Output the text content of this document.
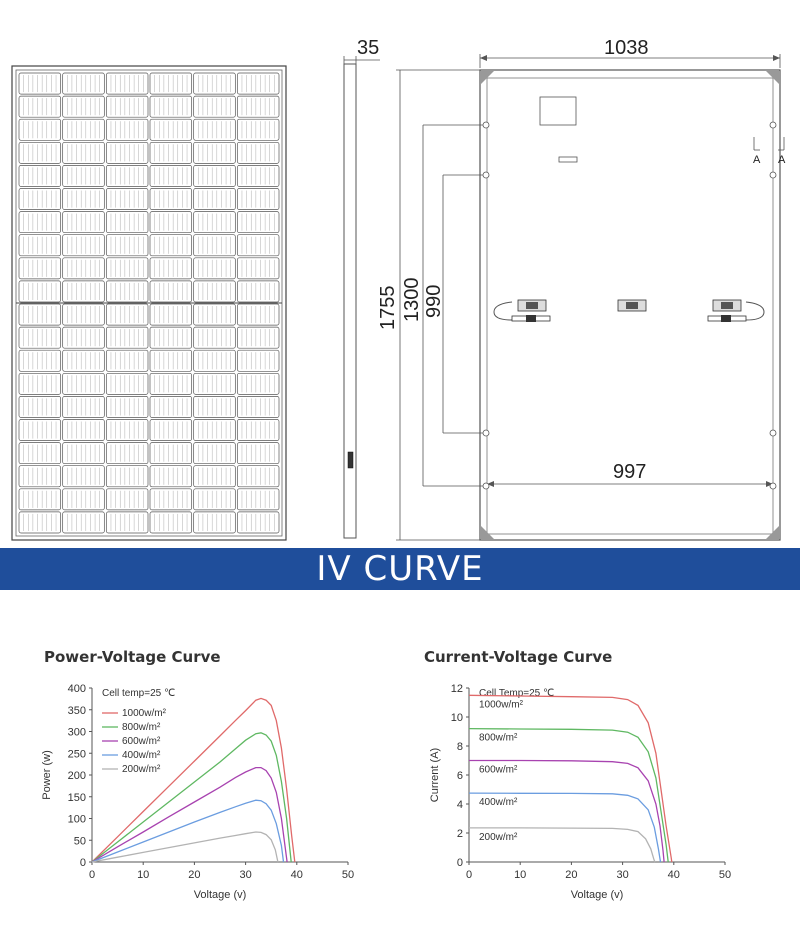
35	1038
1755 1300 990
997
A A
IV CURVE
Power-Voltage Curve	Current-Voltage Curve
0	10	20	30	40	50
0
50
100
150
200
250
300
350
400
Voltage (v)
Power (w)
Cell temp=25 ℃
1000w/m²
800w/m²
600w/m²
400w/m²
200w/m²
0	10	20	30	40	50
0
2
4
6
8
10
12
Voltage (v)
Current (A)
Cell Temp=25 ℃
1000w/m²
800w/m²
600w/m²
400w/m²
200w/m²
